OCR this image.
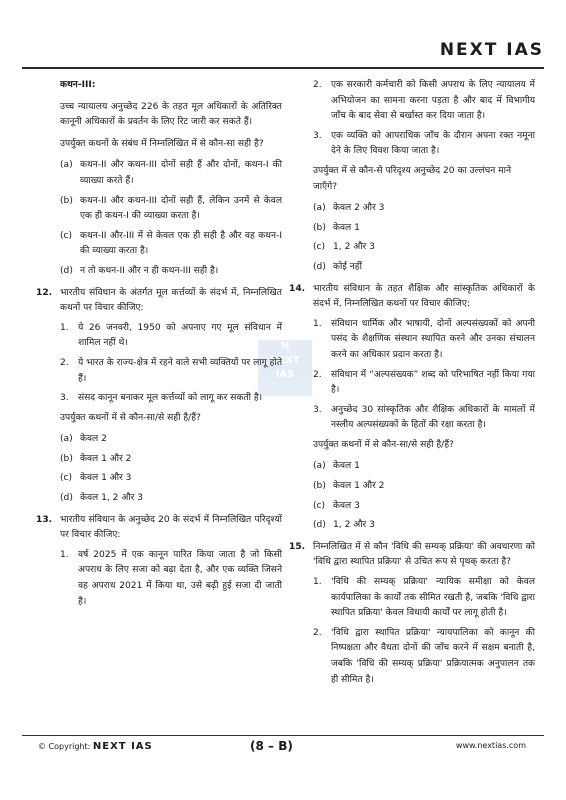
NEXT IAS
N
NEXT
IAS

कथन-III:

उच्च न्यायालय अनुच्छेद 226 के तहत मूल अधिकारों के अतिरिक्त कानूनी अधिकारों के प्रवर्तन के लिए रिट जारी कर सकते हैं।

उपर्युक्त कथनों के संबंध में निम्नलिखित में से कौन-सा सही है?

(a) कथन-II और कथन-III दोनों सही हैं और दोनों, कथन-I की व्याख्या करते हैं।
(b) कथन-II और कथन-III दोनों सही हैं, लेकिन उनमें से केवल एक ही कथन-I की व्याख्या करता है।
(c) कथन-II और-III में से केवल एक ही सही है और वह कथन-I की व्याख्या करता है।
(d) न तो कथन-II और न ही कथन-III सही है।
12. भारतीय संविधान के अंतर्गत मूल कर्त्तव्यों के संदर्भ में, निम्नलिखित कथनों पर विचार कीजिए:
1.	ये 26 जनवरी, 1950 को अपनाए गए मूल संविधान में शामिल नहीं थे।
2.	ये भारत के राज्य-क्षेत्र में रहने वाले सभी व्यक्तियों पर लागू होते हैं।
3.	संसद कानून बनाकर मूल कर्त्तव्यों को लागू कर सकती है।

उपर्युक्त कथनों में से कौन-सा/से सही है/हैं?

(a) केवल 2
(b) केवल 1 और 2
(c) केवल 1 और 3
(d) केवल 1, 2 और 3
13. भारतीय संविधान के अनुच्छेद 20 के संदर्भ में निम्नलिखित परिदृश्यों पर विचार कीजिए:
1.	वर्ष 2025 में एक कानून पारित किया जाता है जो किसी अपराध के लिए सजा को बढ़ा देता है, और एक व्यक्ति जिसने वह अपराध 2021 में किया था, उसे बढ़ी हुई सजा दी जाती है।
2.	एक सरकारी कर्मचारी को किसी अपराध के लिए न्यायालय में अभियोजन का सामना करना पड़ता है और बाद में विभागीय जाँच के बाद सेवा से बर्खास्त कर दिया जाता है।
3.	एक व्यक्ति को आपराधिक जाँच के दौरान अपना रक्त नमूना देने के लिए विवश किया जाता है।

उपर्युक्त में से कौन-से परिदृश्य अनुच्छेद 20 का उल्लंघन माने जाएँगे?

(a) केवल 2 और 3
(b) केवल 1
(c) 1, 2 और 3
(d) कोई नहीं
14. भारतीय संविधान के तहत शैक्षिक और सांस्कृतिक अधिकारों के संदर्भ में, निम्नलिखित कथनों पर विचार कीजिए:
1.	संविधान धार्मिक और भाषायी, दोनों अल्पसंख्यकों को अपनी पसंद के शैक्षणिक संस्थान स्थापित करने और उनका संचालन करने का अधिकार प्रदान करता है।
2.	संविधान में “अल्पसंख्यक” शब्द को परिभाषित नहीं किया गया है।
3.	अनुच्छेद 30 सांस्कृतिक और शैक्षिक अधिकारों के मामलों में नस्लीय अल्पसंख्यकों के हितों की रक्षा करता है।

उपर्युक्त कथनों में से कौन-सा/से सही है/हैं?

(a) केवल 1
(b) केवल 1 और 2
(c) केवल 3
(d) 1, 2 और 3
15. निम्नलिखित में से कौन 'विधि की सम्यक् प्रक्रिया' की अवधारणा को 'विधि द्वारा स्थापित प्रक्रिया' से उचित रूप से पृथक् करता है?
1.	'विधि की सम्यक् प्रक्रिया' न्यायिक समीक्षा को केवल कार्यपालिका के कार्यों तक सीमित रखती है, जबकि 'विधि द्वारा स्थापित प्रक्रिया' केवल विधायी कार्यों पर लागू होती है।
2.	'विधि द्वारा स्थापित प्रक्रिया' न्यायपालिका को कानून की निष्पक्षता और वैधता दोनों की जाँच करने में सक्षम बनाती है, जबकि 'विधि की सम्यक् प्रक्रिया' प्रक्रियात्मक अनुपालन तक ही सीमित है।
© Copyright: NEXT IAS	(8 – B)	www.nextias.com
